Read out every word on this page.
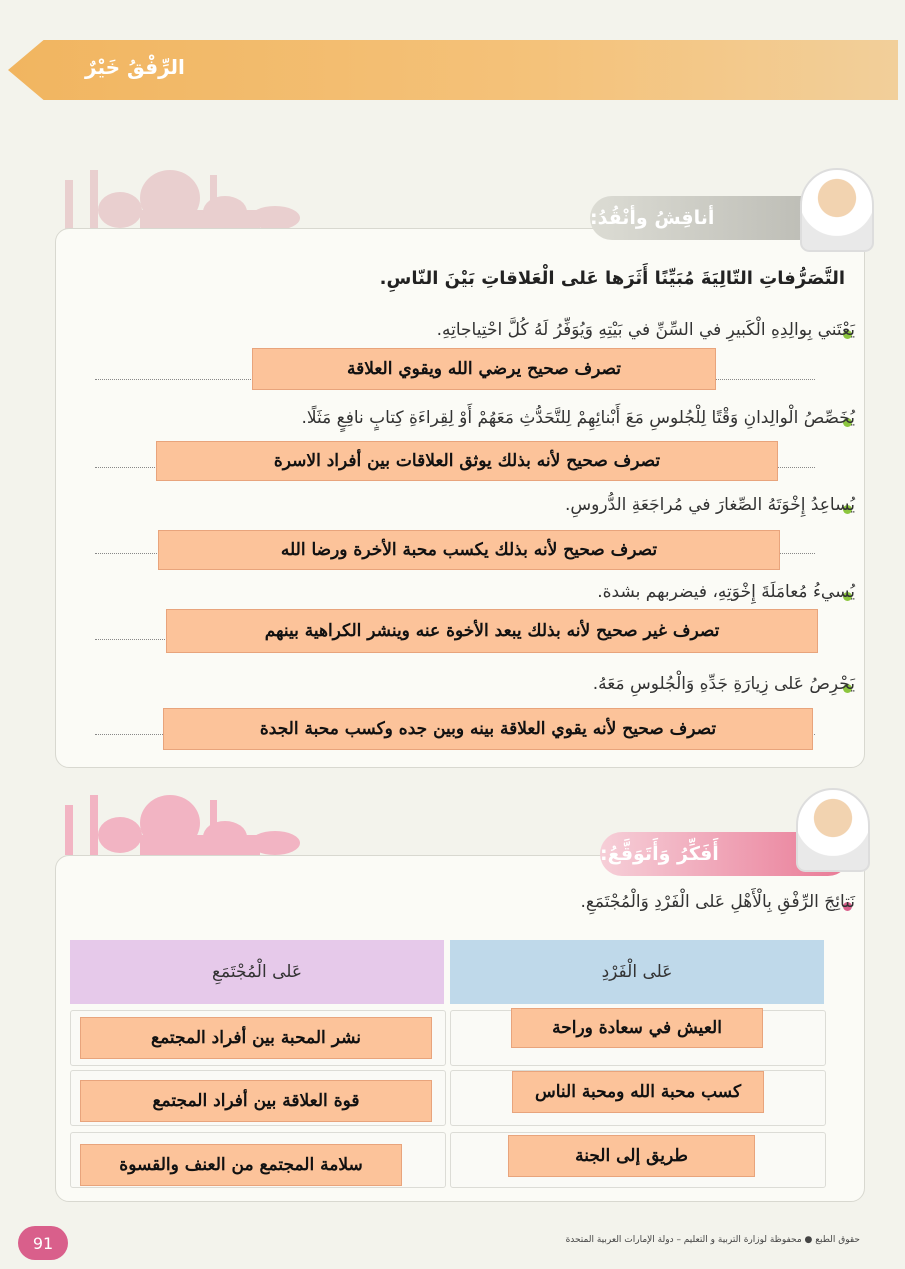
الرِّفْقُ خَيْرٌ
أناقِشُ وأنْقُدُ:
التَّصَرُّفاتِ التّالِيَةَ مُبَيِّنًا أَثَرَها عَلى الْعَلاقاتِ بَيْنَ النّاسِ.
يَعْتَني بِوالِدِهِ الْكَبيرِ في السِّنِّ في بَيْتِهِ وَيُوَفِّرُ لَهُ كُلَّ احْتِياجاتِهِ.
تصرف صحيح يرضي الله ويقوي العلاقة
يُخَصِّصُ الْوالِدانِ وَقْتًا لِلْجُلوسِ مَعَ أَبْنائِهِمْ لِلتَّحَدُّثِ مَعَهُمْ أَوْ لِقِراءَةِ كِتابٍ نافِعٍ مَثَلًا.
تصرف صحيح لأنه بذلك يوثق العلاقات بين أفراد الاسرة
يُساعِدُ إِخْوَتَهُ الصِّغارَ في مُراجَعَةِ الدُّروسِ.
تصرف صحيح لأنه بذلك يكسب محبة الأخرة ورضا الله
يُسيءُ مُعامَلَةَ إِخْوَتِهِ، فيضربهم بشدة.
تصرف غير صحيح لأنه بذلك يبعد الأخوة عنه وينشر الكراهية بينهم
يَحْرِصُ عَلى زِيارَةِ جَدِّهِ وَالْجُلوسِ مَعَهُ.
تصرف صحيح لأنه يقوي العلاقة بينه وبين جده وكسب محبة الجدة
أَفَكِّرُ وَأَتَوَقَّعُ:
نَتائِجَ الرِّفْقِ بِالْأَهْلِ عَلى الْفَرْدِ وَالْمُجْتَمَعِ.
عَلى الْمُجْتَمَعِ	عَلى الْفَرْدِ
نشر المحبة بين أفراد المجتمع	العيش في سعادة وراحة
قوة العلاقة بين أفراد المجتمع	كسب محبة الله ومحبة الناس
سلامة المجتمع من العنف والقسوة	طريق إلى الجنة
91	حقوق الطبع ● محفوظة لوزارة التربية و التعليم – دولة الإمارات العربية المتحدة
